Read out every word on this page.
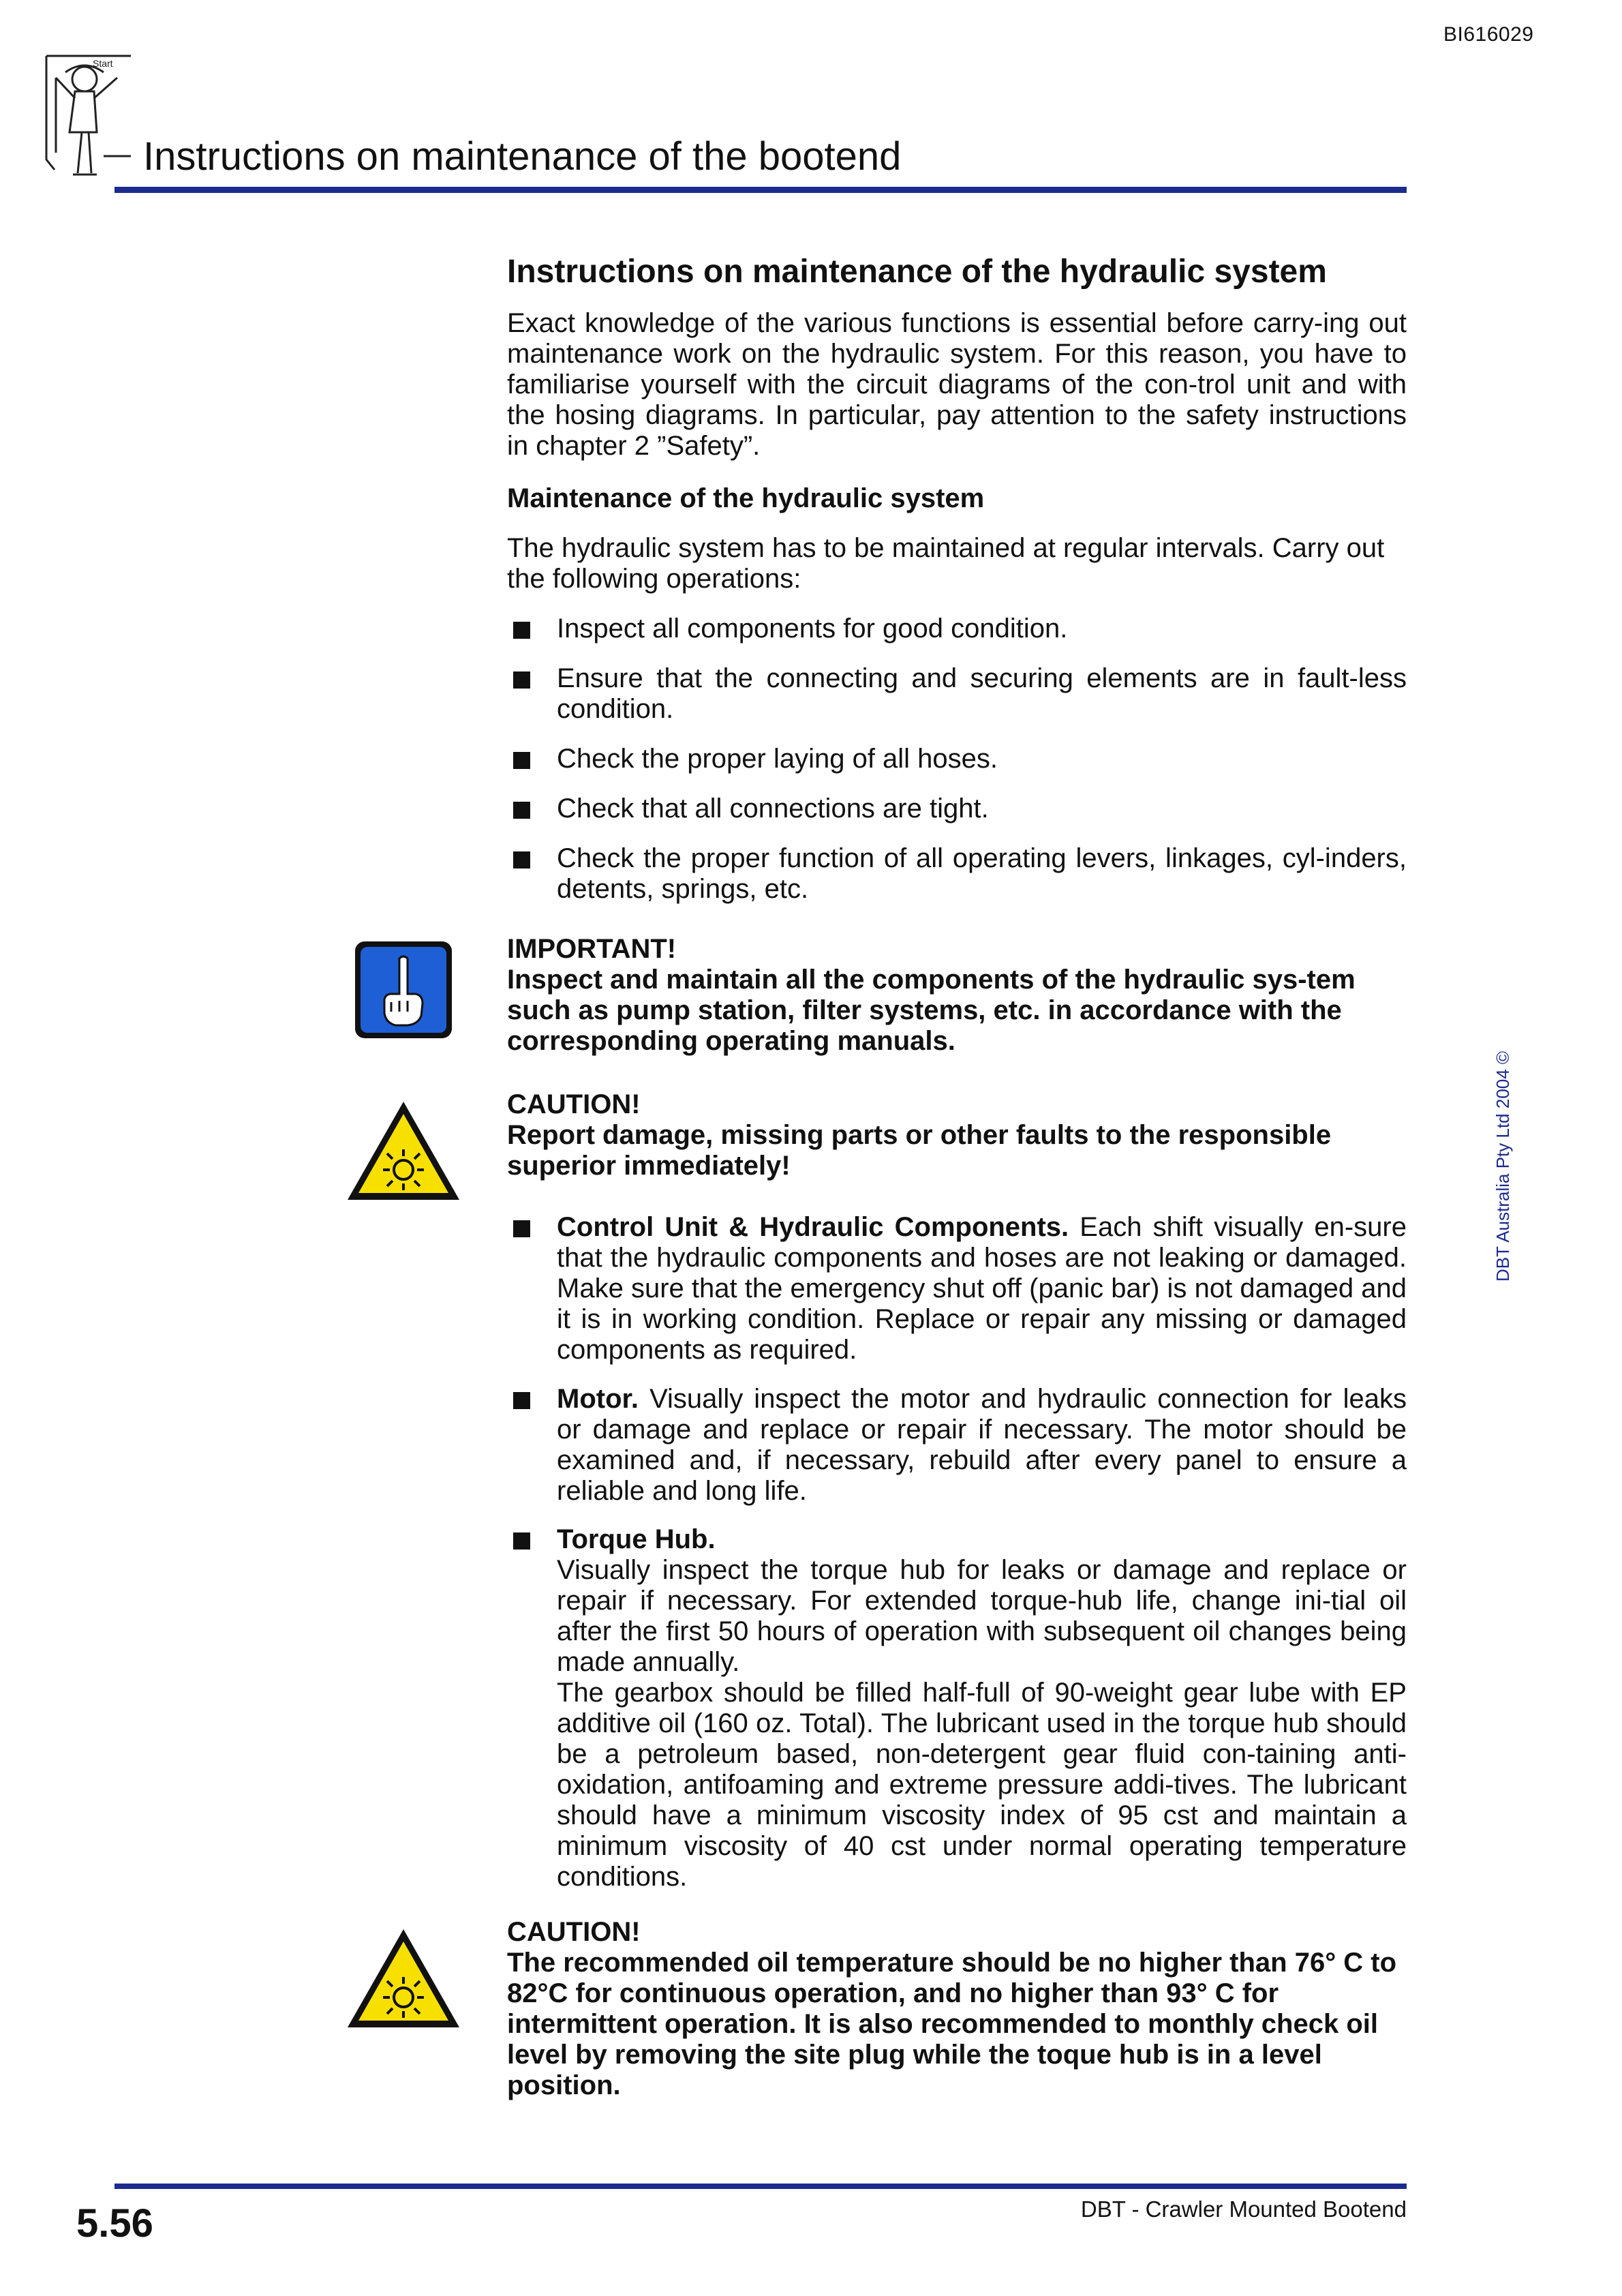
BI616029
Start
Instructions on maintenance of the bootend
Instructions on maintenance of the hydraulic system

Exact knowledge of the various functions is essential before carry-ing out maintenance work on the hydraulic system. For this reason, you have to familiarise yourself with the circuit diagrams of the con-trol unit and with the hosing diagrams. In particular, pay attention to the safety instructions in chapter 2 ”Safety”.

Maintenance of the hydraulic system

The hydraulic system has to be maintained at regular intervals. Carry out the following operations:

Inspect all components for good condition.
Ensure that the connecting and securing elements are in fault-less condition.
Check the proper laying of all hoses.
Check that all connections are tight.
Check the proper function of all operating levers, linkages, cyl-inders, detents, springs, etc.

IMPORTANT!

Inspect and maintain all the components of the hydraulic sys-tem such as pump station, filter systems, etc. in accordance with the corresponding operating manuals.

CAUTION!

Report damage, missing parts or other faults to the responsible superior immediately!

Control Unit & Hydraulic Components. Each shift visually en-sure that the hydraulic components and hoses are not leaking or damaged. Make sure that the emergency shut off (panic bar) is not damaged and it is in working condition. Replace or repair any missing or damaged components as required.
Motor. Visually inspect the motor and hydraulic connection for leaks or damage and replace or repair if necessary. The motor should be examined and, if necessary, rebuild after every panel to ensure a reliable and long life.
Torque Hub.
Visually inspect the torque hub for leaks or damage and replace or repair if necessary. For extended torque-hub life, change ini-tial oil after the first 50 hours of operation with subsequent oil changes being made annually.
The gearbox should be filled half-full of 90-weight gear lube with EP additive oil (160 oz. Total). The lubricant used in the torque hub should be a petroleum based, non-detergent gear fluid con-taining anti-oxidation, antifoaming and extreme pressure addi-tives. The lubricant should have a minimum viscosity index of 95 cst and maintain a minimum viscosity of 40 cst under normal operating temperature conditions.

CAUTION!

The recommended oil temperature should be no higher than 76° C to 82°C for continuous operation, and no higher than 93° C for intermittent operation. It is also recommended to monthly check oil level by removing the site plug while the toque hub is in a level position.

DBT Australia Pty Ltd 2004 ©
5.56	DBT - Crawler Mounted Bootend
